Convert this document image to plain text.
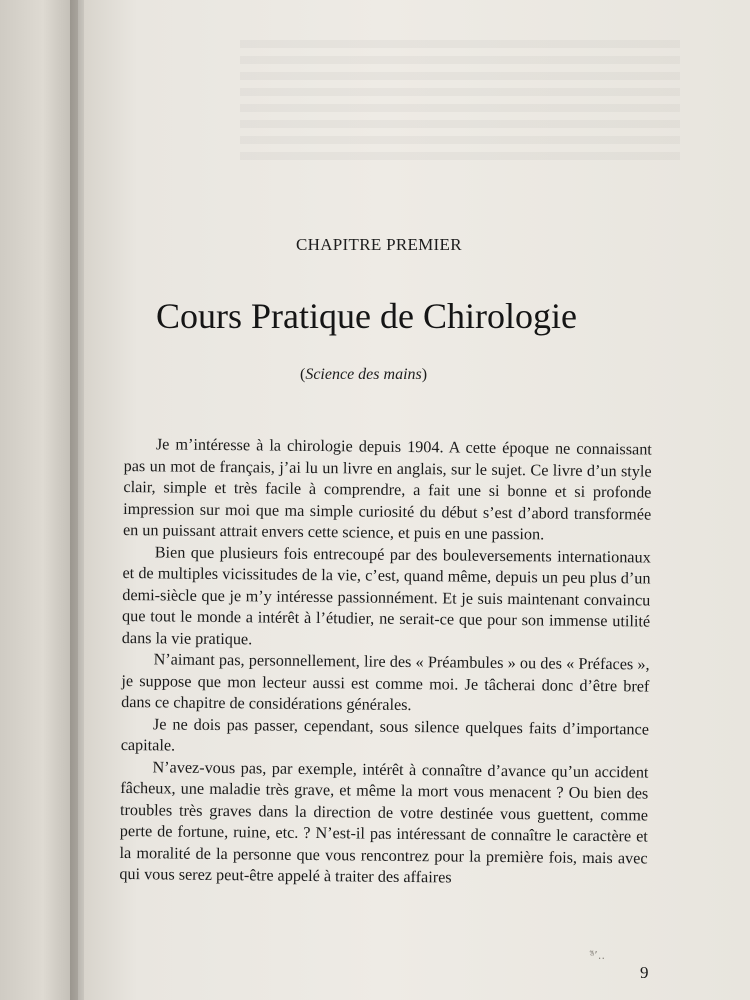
CHAPITRE PREMIER
Cours Pratique de Chirologie
(Science des mains)

Je m’intéresse à la chirologie depuis 1904. A cette époque ne connaissant pas un mot de français, j’ai lu un livre en anglais, sur le sujet. Ce livre d’un style clair, simple et très facile à comprendre, a fait une si bonne et si profonde impression sur moi que ma simple curiosité du début s’est d’abord transformée en un puissant attrait envers cette science, et puis en une passion.

Bien que plusieurs fois entrecoupé par des bouleversements internationaux et de multiples vicissitudes de la vie, c’est, quand même, depuis un peu plus d’un demi-siècle que je m’y intéresse passionnément. Et je suis maintenant convaincu que tout le monde a intérêt à l’étudier, ne serait-ce que pour son immense utilité dans la vie pratique.

N’aimant pas, personnellement, lire des « Préambules » ou des « Préfaces », je suppose que mon lecteur aussi est comme moi. Je tâcherai donc d’être bref dans ce chapitre de considérations générales.

Je ne dois pas passer, cependant, sous silence quelques faits d’importance capitale.

N’avez-vous pas, par exemple, intérêt à connaître d’avance qu’un accident fâcheux, une maladie très grave, et même la mort vous menacent ? Ou bien des troubles très graves dans la direction de votre destinée vous guettent, comme perte de fortune, ruine, etc. ? N’est-il pas intéressant de connaître le caractère et la moralité de la personne que vous rencontrez pour la première fois, mais avec qui vous serez peut-être appelé à traiter des affaires

ᵃ̃’‥
9
